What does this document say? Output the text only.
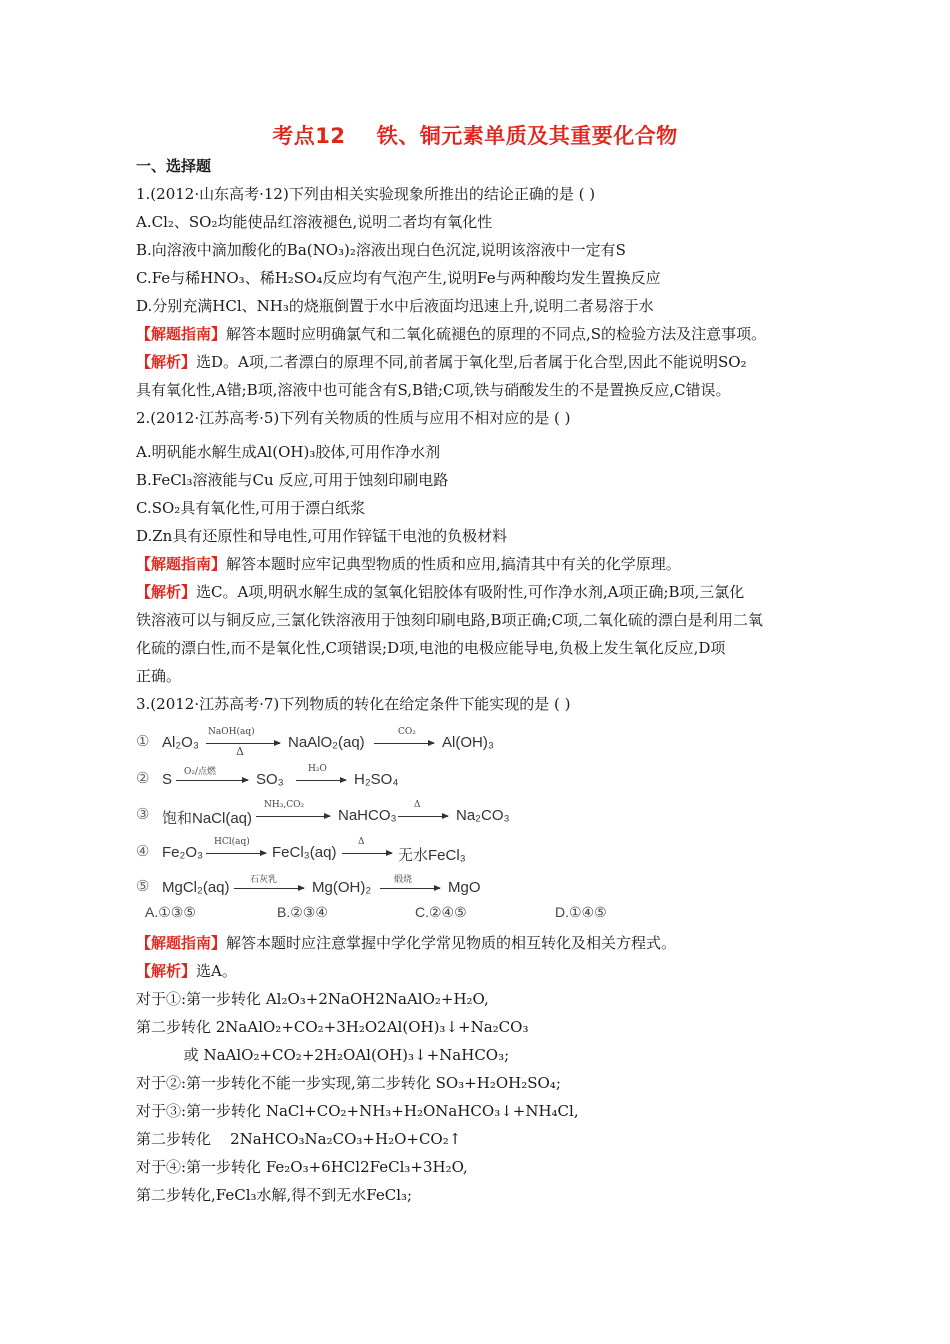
考点12    铁、铜元素单质及其重要化合物
一、选择题
1.(2012·山东高考·12)下列由相关实验现象所推出的结论正确的是 ( )
A.Cl₂、SO₂均能使品红溶液褪色,说明二者均有氧化性
B.向溶液中滴加酸化的Ba(NO₃)₂溶液出现白色沉淀,说明该溶液中一定有S
C.Fe与稀HNO₃、稀H₂SO₄反应均有气泡产生,说明Fe与两种酸均发生置换反应
D.分别充满HCl、NH₃的烧瓶倒置于水中后液面均迅速上升,说明二者易溶于水
【解题指南】解答本题时应明确氯气和二氧化硫褪色的原理的不同点,S的检验方法及注意事项。
【解析】选D。A项,二者漂白的原理不同,前者属于氧化型,后者属于化合型,因此不能说明SO₂
具有氧化性,A错;B项,溶液中也可能含有S,B错;C项,铁与硝酸发生的不是置换反应,C错误。
2.(2012·江苏高考·5)下列有关物质的性质与应用不相对应的是 ( )
A.明矾能水解生成Al(OH)₃胶体,可用作净水剂
B.FeCl₃溶液能与Cu 反应,可用于蚀刻印刷电路
C.SO₂具有氧化性,可用于漂白纸浆
D.Zn具有还原性和导电性,可用作锌锰干电池的负极材料
【解题指南】解答本题时应牢记典型物质的性质和应用,搞清其中有关的化学原理。
【解析】选C。A项,明矾水解生成的氢氧化铝胶体有吸附性,可作净水剂,A项正确;B项,三氯化
铁溶液可以与铜反应,三氯化铁溶液用于蚀刻印刷电路,B项正确;C项,二氧化硫的漂白是利用二氧
化硫的漂白性,而不是氧化性,C项错误;D项,电池的电极应能导电,负极上发生氧化反应,D项
正确。
3.(2012·江苏高考·7)下列物质的转化在给定条件下能实现的是 ( )
① Al₂O₃
NaOH(aq)
Δ
NaAlO₂(aq)
CO₂
Al(OH)₃
② S O₂/点燃	SO₃
H₂O
H₂SO₄
③ 饱和NaCl(aq)
NH₃,CO₂
NaHCO₃
Δ
Na₂CO₃
④ Fe₂O₃
HCl(aq)
FeCl₃(aq)
Δ
无水FeCl₃
⑤ MgCl₂(aq) 石灰乳 Mg(OH)₂	煅烧 MgO
A.①③⑤	B.②③④	C.②④⑤	D.①④⑤
【解题指南】解答本题时应注意掌握中学化学常见物质的相互转化及相关方程式。
【解析】选A。
对于①:第一步转化 Al₂O₃+2NaOH2NaAlO₂+H₂O,
第二步转化 2NaAlO₂+CO₂+3H₂O2Al(OH)₃↓+Na₂CO₃
或 NaAlO₂+CO₂+2H₂OAl(OH)₃↓+NaHCO₃;
对于②:第一步转化不能一步实现,第二步转化 SO₃+H₂OH₂SO₄;
对于③:第一步转化 NaCl+CO₂+NH₃+H₂ONaHCO₃↓+NH₄Cl,
第二步转化    2NaHCO₃Na₂CO₃+H₂O+CO₂↑
对于④:第一步转化 Fe₂O₃+6HCl2FeCl₃+3H₂O,
第二步转化,FeCl₃水解,得不到无水FeCl₃;
